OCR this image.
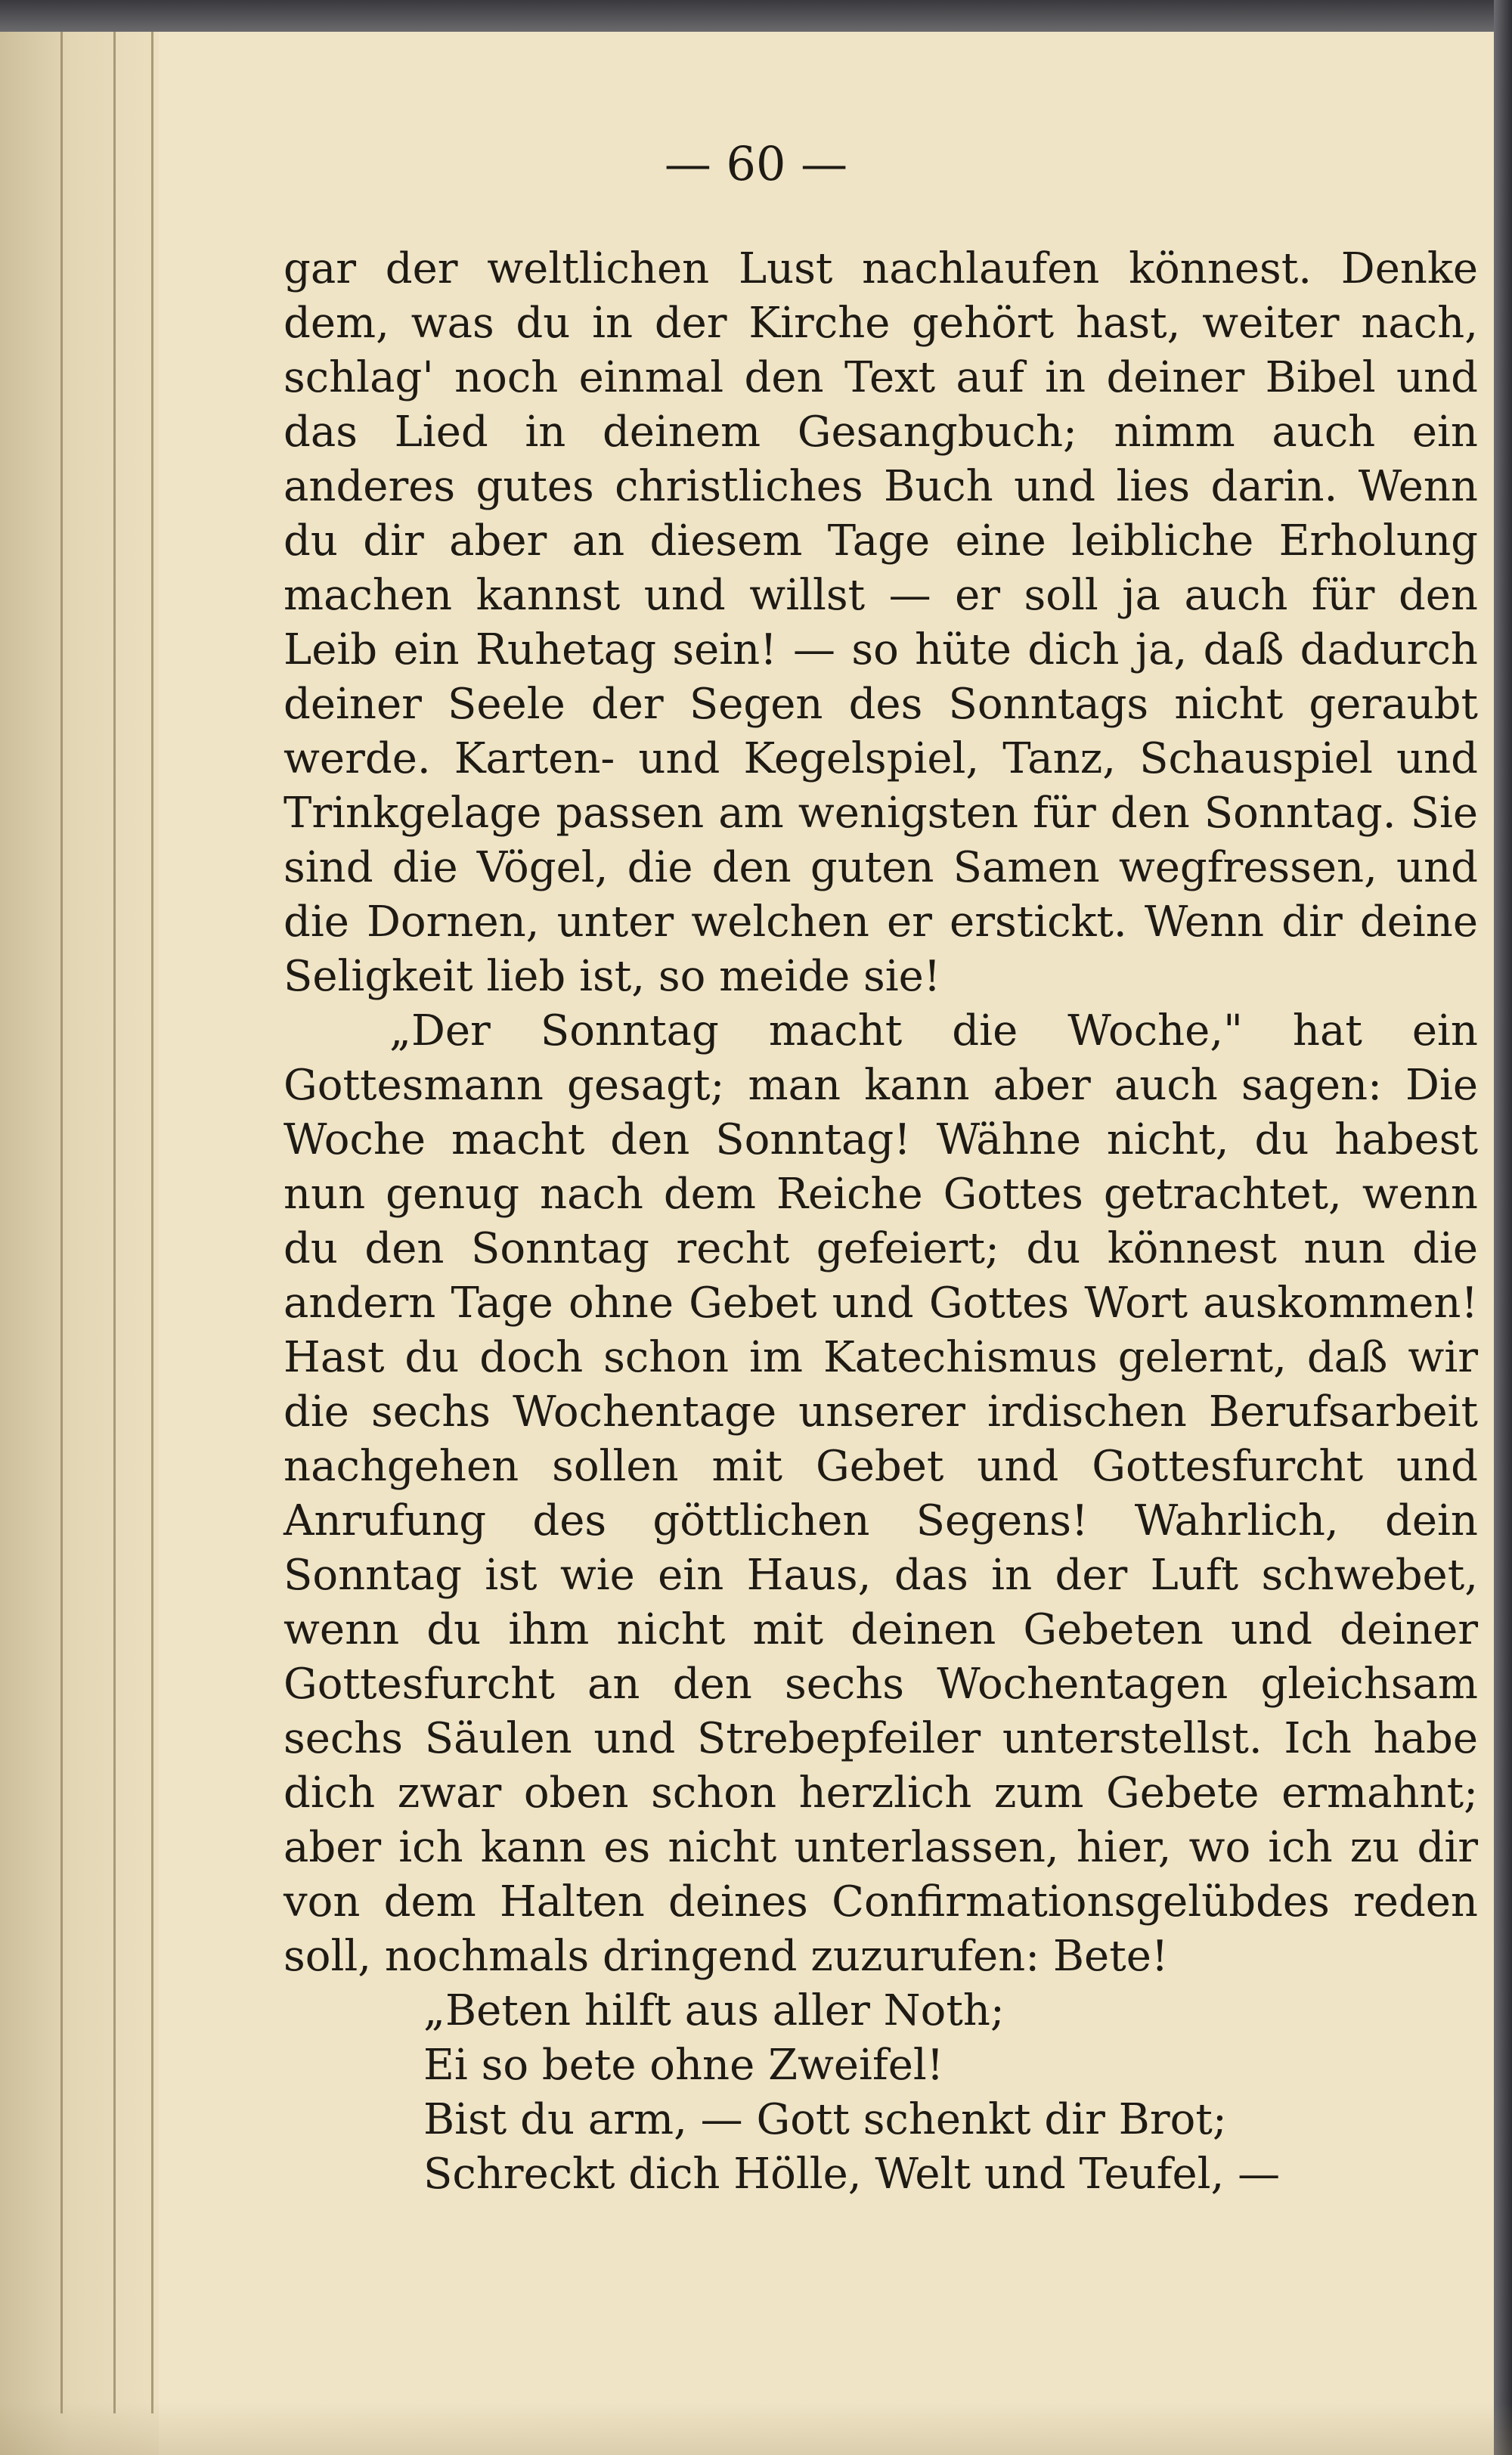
— 60 —

gar der weltlichen Lust nachlaufen könnest. Denke dem, was du in der Kirche gehört hast, weiter nach, schlag' noch einmal den Text auf in deiner Bibel und das Lied in deinem Gesangbuch; nimm auch ein anderes gutes christliches Buch und lies darin. Wenn du dir aber an diesem Tage eine leibliche Erholung machen kannst und willst — er soll ja auch für den Leib ein Ruhetag sein! — so hüte dich ja, daß dadurch deiner Seele der Segen des Sonntags nicht geraubt werde. Karten- und Kegelspiel, Tanz, Schauspiel und Trinkgelage passen am wenigsten für den Sonntag. Sie sind die Vögel, die den guten Samen wegfressen, und die Dornen, unter welchen er erstickt. Wenn dir deine Seligkeit lieb ist, so meide sie!

„Der Sonntag macht die Woche," hat ein Gottesmann gesagt; man kann aber auch sagen: Die Woche macht den Sonntag! Wähne nicht, du habest nun genug nach dem Reiche Gottes getrachtet, wenn du den Sonntag recht gefeiert; du könnest nun die andern Tage ohne Gebet und Gottes Wort auskommen! Hast du doch schon im Katechismus gelernt, daß wir die sechs Wochentage unserer irdischen Berufsarbeit nachgehen sollen mit Gebet und Gottesfurcht und Anrufung des göttlichen Segens! Wahrlich, dein Sonntag ist wie ein Haus, das in der Luft schwebet, wenn du ihm nicht mit deinen Gebeten und deiner Gottesfurcht an den sechs Wochentagen gleichsam sechs Säulen und Strebepfeiler unterstellst. Ich habe dich zwar oben schon herzlich zum Gebete ermahnt; aber ich kann es nicht unterlassen, hier, wo ich zu dir von dem Halten deines Confirmationsgelübdes reden soll, nochmals dringend zuzurufen: Bete!

„Beten hilft aus aller Noth;
Ei so bete ohne Zweifel!
Bist du arm, — Gott schenkt dir Brot;
Schreckt dich Hölle, Welt und Teufel, —
